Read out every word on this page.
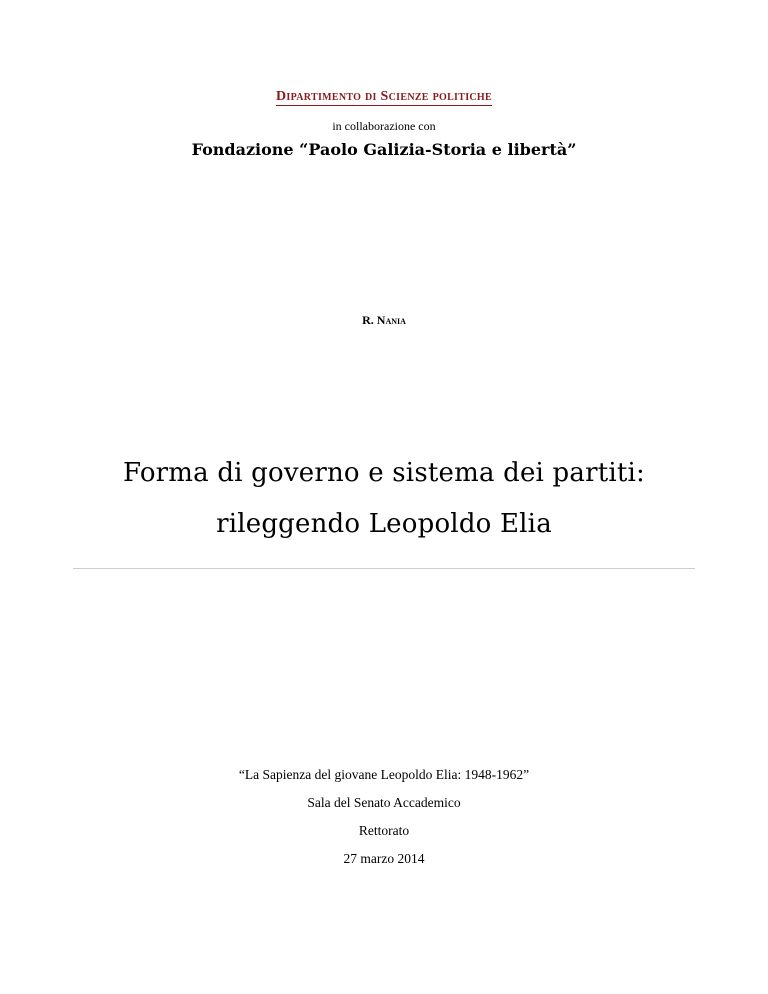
Dipartimento di Scienze politiche
in collaborazione con
Fondazione “Paolo Galizia-Storia e libertà”
R. Nania
Forma di governo e sistema dei partiti:
rileggendo Leopoldo Elia
“La Sapienza del giovane Leopoldo Elia: 1948-1962”
Sala del Senato Accademico
Rettorato
27 marzo 2014
